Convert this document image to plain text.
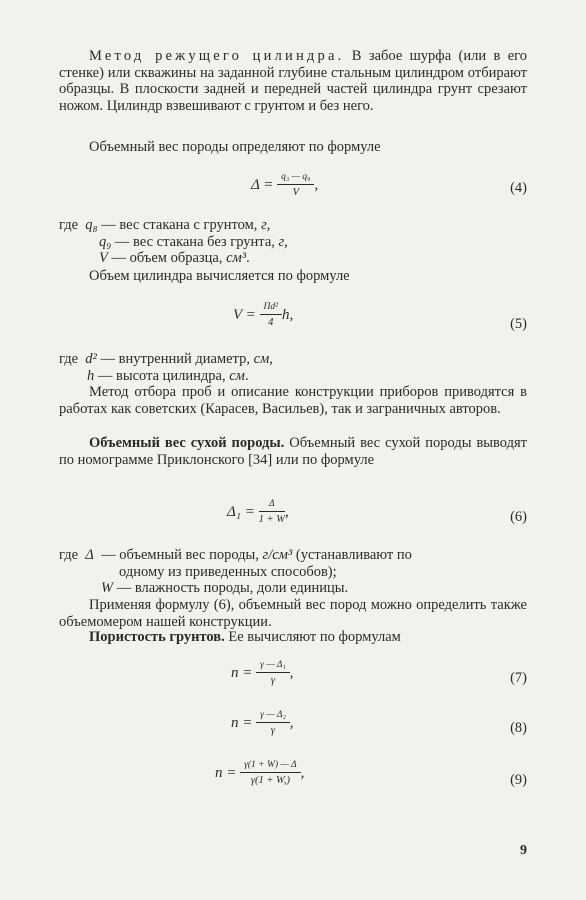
Метод режущего цилиндра. В забое шурфа (или в его стенке) или скважины на заданной глубине стальным цилиндром отбирают образцы. В плоскости задней и передней частей цилиндра грунт срезают ножом. Цилиндр взвешивают с грунтом и без него.
Объемный вес породы определяют по формуле
$\Delta = \frac{\text{q₃ — q₉}}{V}$ ,	(4)
где q₈ — вес стакана с грунтом, г,
q₉ — вес стакана без грунта, г,
V — объем образца, см³.
Объем цилиндра вычисляется по формуле
$V = \frac{\text{Πd²}}{4} h$,
(5)
где d² — внутренний диаметр, см,
h — высота цилиндра, см.
Метод отбора проб и описание конструкции приборов приводятся в работах как советских (Карасев, Васильев), так и заграничных авторов.
Объемный вес сухой породы. Объемный вес сухой породы выводят по номограмме Приклонского [34] или по формуле
$\Delta_1 = \frac{\Delta}{1 + W}$ ,	(6)
где Δ  — объемный вес породы, г/см³ (устанавливают по
одному из приведенных способов);
W — влажность породы, доли единицы.
Применяя формулу (6), объемный вес пород можно определить также объемомером нашей конструкции.
Пористость грунтов. Ее вычисляют по формулам
$n = \frac{\text{γ — Δ₁}}{\gamma}$ ,	(7)
$n = \frac{\text{γ — Δ₂}}{\gamma}$ ,	(8)
$n = \frac{\gamma(1 + W) — \Delta}{\gamma(1 + W,)}$ ,	(9)
9
